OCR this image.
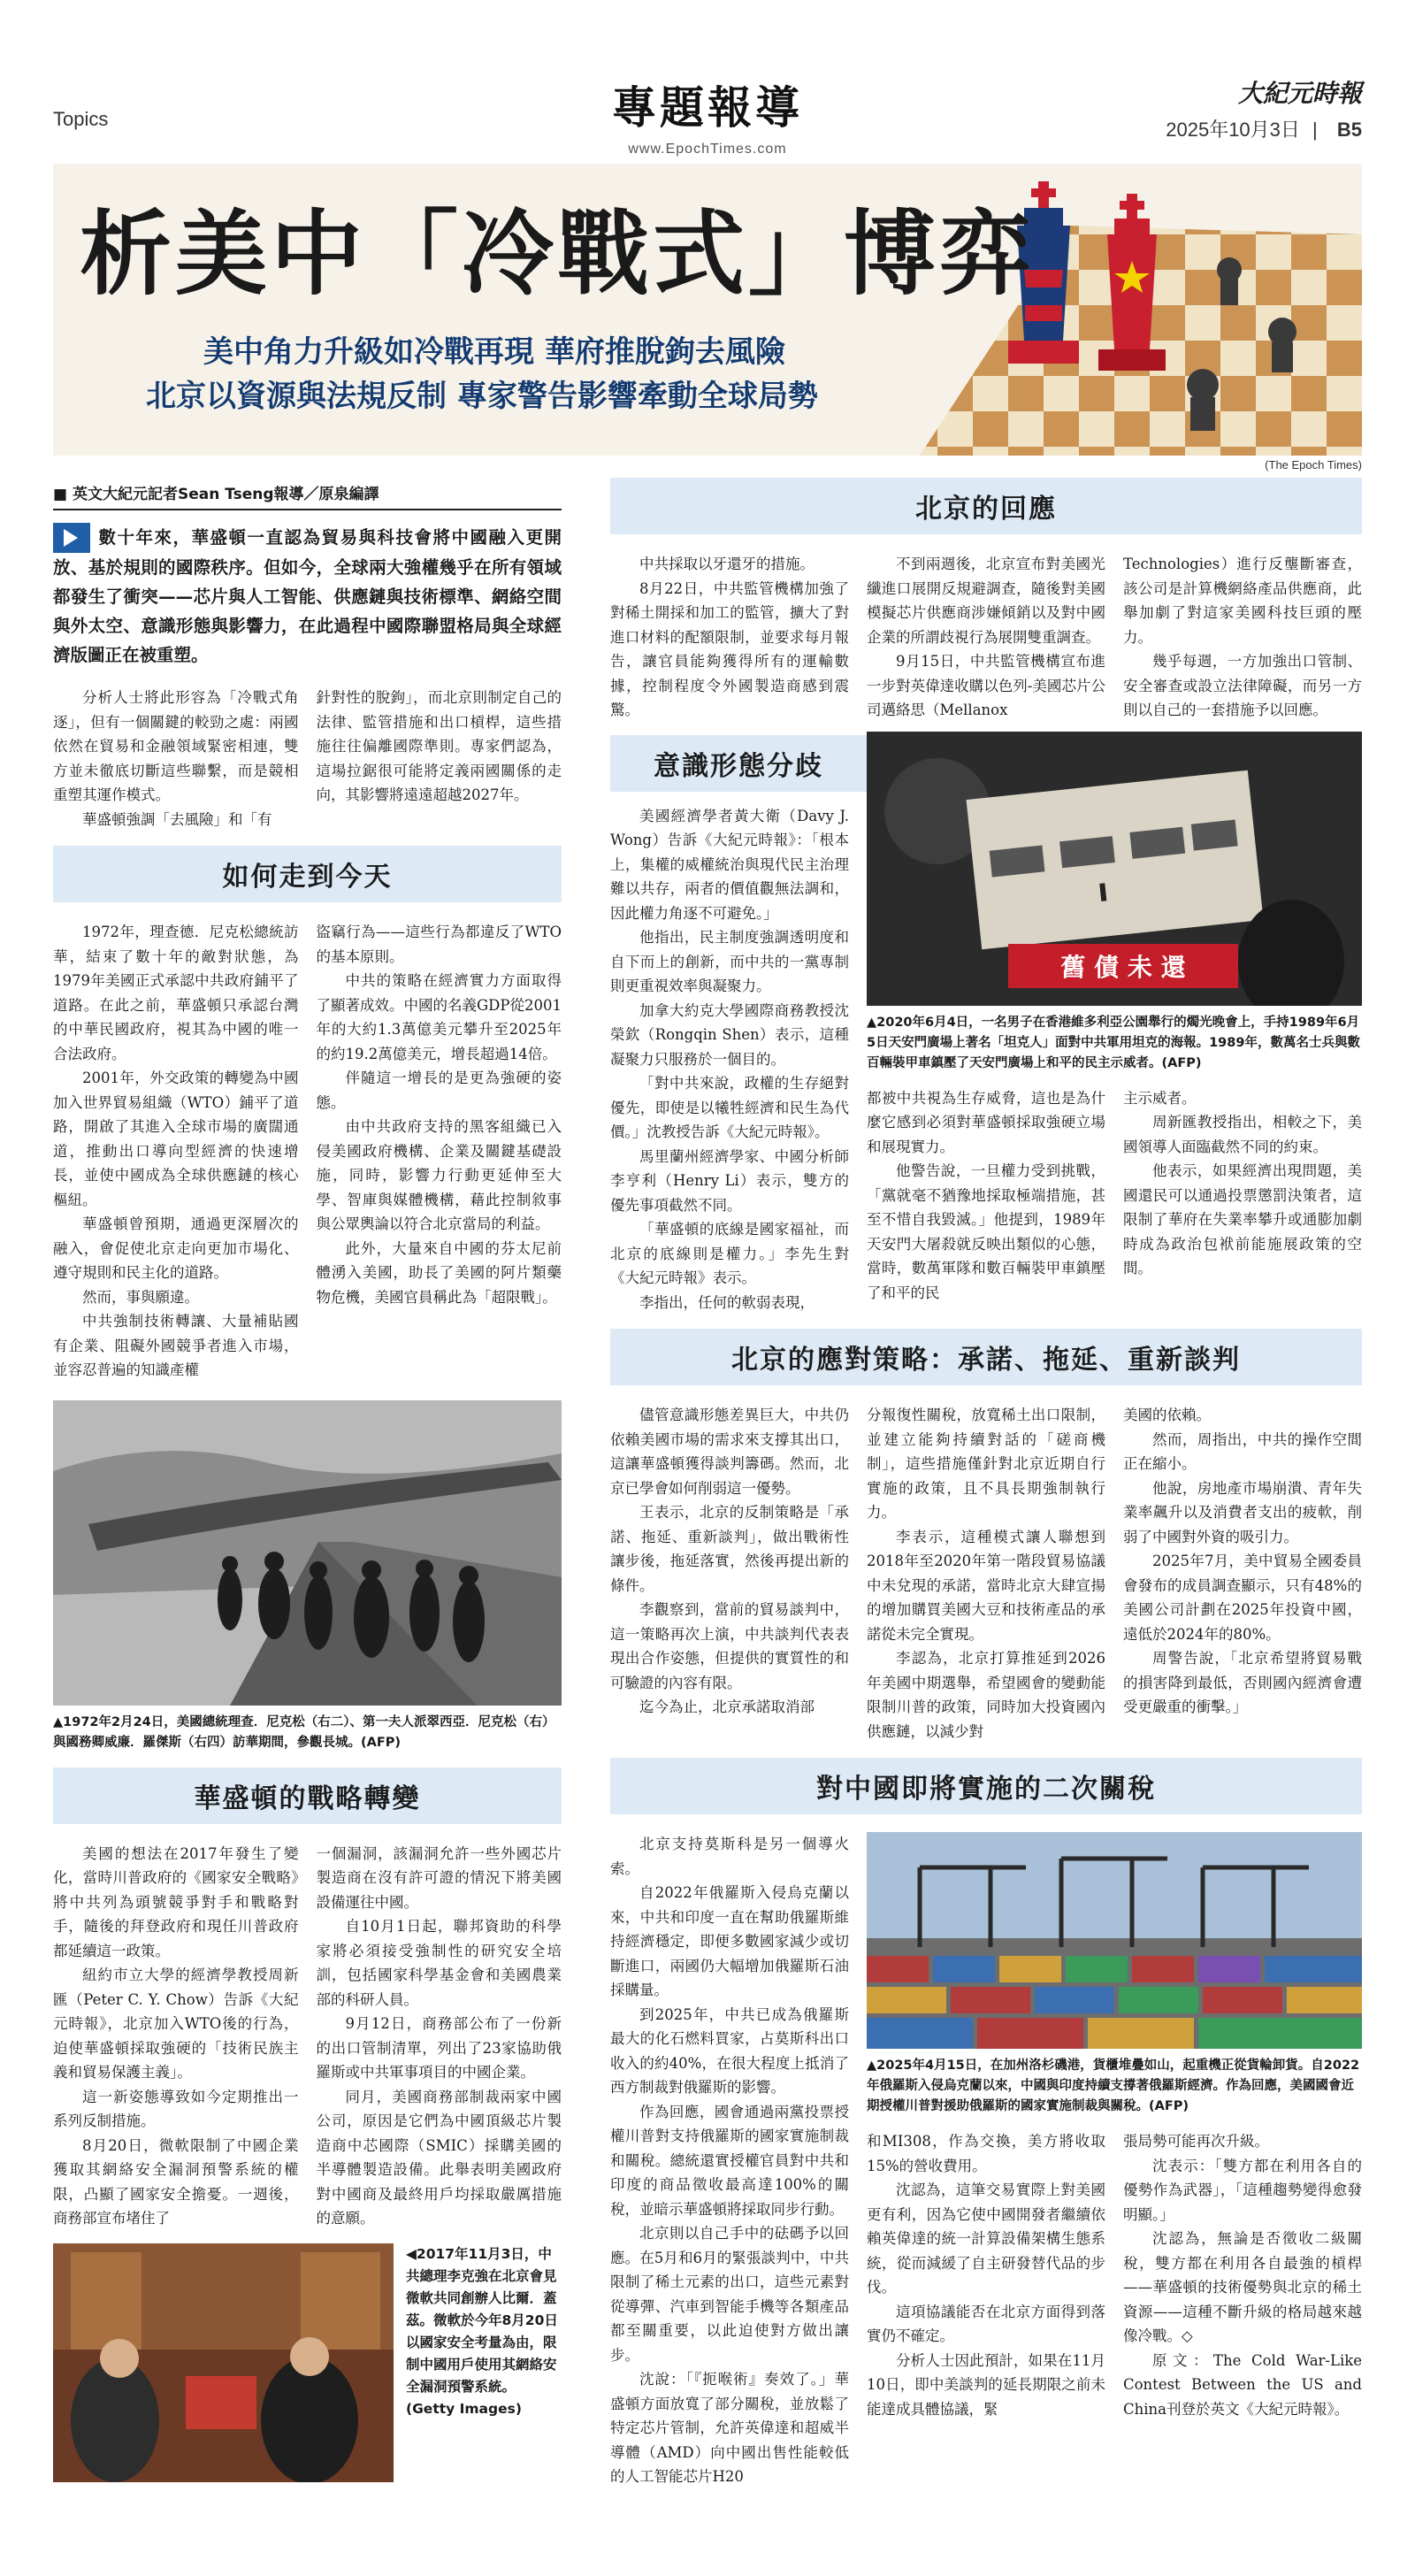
Topics	專題報導
www.EpochTimes.com
大紀元時報
2025年10月3日 | B5
析美中「冷戰式」博弈
美中角力升級如冷戰再現 華府推脫鉤去風險
北京以資源與法規反制 專家警告影響牽動全球局勢
(The Epoch Times)
■ 英文大紀元記者Sean Tseng報導／原泉編譯
數十年來，華盛頓一直認為貿易與科技會將中國融入更開放、基於規則的國際秩序。但如今，全球兩大強權幾乎在所有領域都發生了衝突——芯片與人工智能、供應鏈與技術標準、網絡空間與外太空、意識形態與影響力，在此過程中國際聯盟格局與全球經濟版圖正在被重塑。

分析人士將此形容為「冷戰式角逐」，但有一個關鍵的較勁之處：兩國依然在貿易和金融領域緊密相連，雙方並未徹底切斷這些聯繫，而是競相重塑其運作模式。

華盛頓強調「去風險」和「有

針對性的脫鉤」，而北京則制定自己的法律、監管措施和出口槓桿，這些措施往往偏離國際準則。專家們認為，這場拉鋸很可能將定義兩國關係的走向，其影響將遠遠超越2027年。

如何走到今天

1972年，理查德．尼克松總統訪華，結束了數十年的敵對狀態，為1979年美國正式承認中共政府鋪平了道路。在此之前，華盛頓只承認台灣的中華民國政府，視其為中國的唯一合法政府。

2001年，外交政策的轉變為中國加入世界貿易組織（WTO）鋪平了道路，開啟了其進入全球市場的廣闊通道，推動出口導向型經濟的快速增長，並使中國成為全球供應鏈的核心樞紐。

華盛頓曾預期，通過更深層次的融入，會促使北京走向更加市場化、遵守規則和民主化的道路。

然而，事與願違。

中共強制技術轉讓、大量補貼國有企業、阻礙外國競爭者進入市場，並容忍普遍的知識產權

盜竊行為——這些行為都違反了WTO的基本原則。

中共的策略在經濟實力方面取得了顯著成效。中國的名義GDP從2001年的大約1.3萬億美元攀升至2025年的約19.2萬億美元，增長超過14倍。

伴隨這一增長的是更為強硬的姿態。

由中共政府支持的黑客組織已入侵美國政府機構、企業及關鍵基礎設施，同時，影響力行動更延伸至大學、智庫與媒體機構，藉此控制敘事與公眾輿論以符合北京當局的利益。

此外，大量來自中國的芬太尼前體湧入美國，助長了美國的阿片類藥物危機，美國官員稱此為「超限戰」。

▲1972年2月24日，美國總統理查．尼克松（右二）、第一夫人派翠西亞．尼克松（右）與國務卿威廉．羅傑斯（右四）訪華期間，參觀長城。(AFP)
華盛頓的戰略轉變

美國的想法在2017年發生了變化，當時川普政府的《國家安全戰略》將中共列為頭號競爭對手和戰略對手，隨後的拜登政府和現任川普政府都延續這一政策。

紐約市立大學的經濟學教授周新匯（Peter C. Y. Chow）告訴《大紀元時報》，北京加入WTO後的行為，迫使華盛頓採取強硬的「技術民族主義和貿易保護主義」。

這一新姿態導致如今定期推出一系列反制措施。

8月20日，微軟限制了中國企業獲取其網絡安全漏洞預警系統的權限，凸顯了國家安全擔憂。一週後，商務部宣布堵住了

一個漏洞，該漏洞允許一些外國芯片製造商在沒有許可證的情況下將美國設備運往中國。

自10月1日起，聯邦資助的科學家將必須接受強制性的研究安全培訓，包括國家科學基金會和美國農業部的科研人員。

9月12日，商務部公布了一份新的出口管制清單，列出了23家協助俄羅斯或中共軍事項目的中國企業。

同月，美國商務部制裁兩家中國公司，原因是它們為中國頂級芯片製造商中芯國際（SMIC）採購美國的半導體製造設備。此舉表明美國政府對中國商及最終用戶均採取嚴厲措施的意願。

◀2017年11月3日，中共總理李克強在北京會見微軟共同創辦人比爾．蓋茲。微軟於今年8月20日以國家安全考量為由，限制中國用戶使用其網絡安全漏洞預警系統。(Getty Images)
北京的回應

中共採取以牙還牙的措施。

8月22日，中共監管機構加強了對稀土開採和加工的監管，擴大了對進口材料的配額限制，並要求每月報告，讓官員能夠獲得所有的運輸數據，控制程度令外國製造商感到震驚。

不到兩週後，北京宣布對美國光纖進口展開反規避調查，隨後對美國模擬芯片供應商涉嫌傾銷以及對中國企業的所謂歧視行為展開雙重調查。

9月15日，中共監管機構宣布進一步對英偉達收購以色列-美國芯片公司邁絡思（Mellanox

Technologies）進行反壟斷審查，該公司是計算機網絡產品供應商，此舉加劇了對這家美國科技巨頭的壓力。

幾乎每週，一方加強出口管制、安全審查或設立法律障礙，而另一方則以自己的一套措施予以回應。

意識形態分歧

美國經濟學者黃大衛（Davy J. Wong）告訴《大紀元時報》：「根本上，集權的威權統治與現代民主治理難以共存，兩者的價值觀無法調和，因此權力角逐不可避免。」

他指出，民主制度強調透明度和自下而上的創新，而中共的一黨專制則更重視效率與凝聚力。

加拿大約克大學國際商務教授沈榮欽（Rongqin Shen）表示，這種凝聚力只服務於一個目的。

「對中共來說，政權的生存絕對優先，即使是以犧牲經濟和民生為代價。」沈教授告訴《大紀元時報》。

馬里蘭州經濟學家、中國分析師李亨利（Henry Li）表示，雙方的優先事項截然不同。

「華盛頓的底線是國家福祉，而北京的底線則是權力。」李先生對《大紀元時報》表示。

李指出，任何的軟弱表現，

舊 債 未 還
▲2020年6月4日，一名男子在香港維多利亞公園舉行的燭光晚會上，手持1989年6月5日天安門廣場上著名「坦克人」面對中共軍用坦克的海報。1989年，數萬名士兵與數百輛裝甲車鎮壓了天安門廣場上和平的民主示威者。(AFP)

都被中共視為生存威脅，這也是為什麼它感到必須對華盛頓採取強硬立場和展現實力。

他警告說，一旦權力受到挑戰，「黨就毫不猶豫地採取極端措施，甚至不惜自我毀滅。」他提到，1989年天安門大屠殺就反映出類似的心態，當時，數萬軍隊和數百輛裝甲車鎮壓了和平的民

主示威者。

周新匯教授指出，相較之下，美國領導人面臨截然不同的約束。

他表示，如果經濟出現問題，美國還民可以通過投票懲罰決策者，這限制了華府在失業率攀升或通膨加劇時成為政治包袱前能施展政策的空間。

北京的應對策略：承諾、拖延、重新談判

儘管意識形態差異巨大，中共仍依賴美國市場的需求來支撐其出口，這讓華盛頓獲得談判籌碼。然而，北京已學會如何削弱這一優勢。

王表示，北京的反制策略是「承諾、拖延、重新談判」，做出戰術性讓步後，拖延落實，然後再提出新的條件。

李觀察到，當前的貿易談判中，這一策略再次上演，中共談判代表表現出合作姿態，但提供的實質性的和可驗證的內容有限。

迄今為止，北京承諾取消部

分報復性關稅，放寬稀土出口限制，並建立能夠持續對話的「磋商機制」，這些措施僅針對北京近期自行實施的政策，且不具長期強制執行力。

李表示，這種模式讓人聯想到2018年至2020年第一階段貿易協議中未兌現的承諾，當時北京大肆宣揚的增加購買美國大豆和技術產品的承諾從未完全實現。

李認為，北京打算推延到2026年美國中期選舉，希望國會的變動能限制川普的政策，同時加大投資國內供應鏈，以減少對

美國的依賴。

然而，周指出，中共的操作空間正在縮小。

他說，房地產市場崩潰、青年失業率飆升以及消費者支出的疲軟，削弱了中國對外資的吸引力。

2025年7月，美中貿易全國委員會發布的成員調查顯示，只有48%的美國公司計劃在2025年投資中國，遠低於2024年的80%。

周警告說，「北京希望將貿易戰的損害降到最低，否則國內經濟會遭受更嚴重的衝擊。」

對中國即將實施的二次關稅

北京支持莫斯科是另一個導火索。

自2022年俄羅斯入侵烏克蘭以來，中共和印度一直在幫助俄羅斯維持經濟穩定，即便多數國家減少或切斷進口，兩國仍大幅增加俄羅斯石油採購量。

到2025年，中共已成為俄羅斯最大的化石燃料買家，占莫斯科出口收入的約40%，在很大程度上抵消了西方制裁對俄羅斯的影響。

作為回應，國會通過兩黨投票授權川普對支持俄羅斯的國家實施制裁和關稅。總統還實授權官員對中共和印度的商品徵收最高達100%的關稅，並暗示華盛頓將採取同步行動。

北京則以自己手中的砝碼予以回應。在5月和6月的緊張談判中，中共限制了稀土元素的出口，這些元素對從導彈、汽車到智能手機等各類產品都至關重要，以此迫使對方做出讓步。

沈說：「『扼喉術』奏效了。」華盛頓方面放寬了部分關稅，並放鬆了特定芯片管制，允許英偉達和超威半導體（AMD）向中國出售性能較低的人工智能芯片H20

▲2025年4月15日，在加州洛杉磯港，貨櫃堆疊如山，起重機正從貨輪卸貨。自2022年俄羅斯入侵烏克蘭以來，中國與印度持續支撐著俄羅斯經濟。作為回應，美國國會近期授權川普對援助俄羅斯的國家實施制裁與關稅。(AFP)

和MI308，作為交換，美方將收取15%的營收費用。

沈認為，這筆交易實際上對美國更有利，因為它使中國開發者繼續依賴英偉達的統一計算設備架構生態系統，從而減緩了自主研發替代品的步伐。

這項協議能否在北京方面得到落實仍不確定。

分析人士因此預計，如果在11月10日，即中美談判的延長期限之前未能達成具體協議，緊

張局勢可能再次升級。

沈表示：「雙方都在利用各自的優勢作為武器」，「這種趨勢變得愈發明顯。」

沈認為，無論是否徵收二級關稅，雙方都在利用各自最強的槓桿——華盛頓的技術優勢與北京的稀土資源——這種不斷升級的格局越來越像冷戰。◇

原文：The Cold War-Like Contest Between the US and China刊登於英文《大紀元時報》。
